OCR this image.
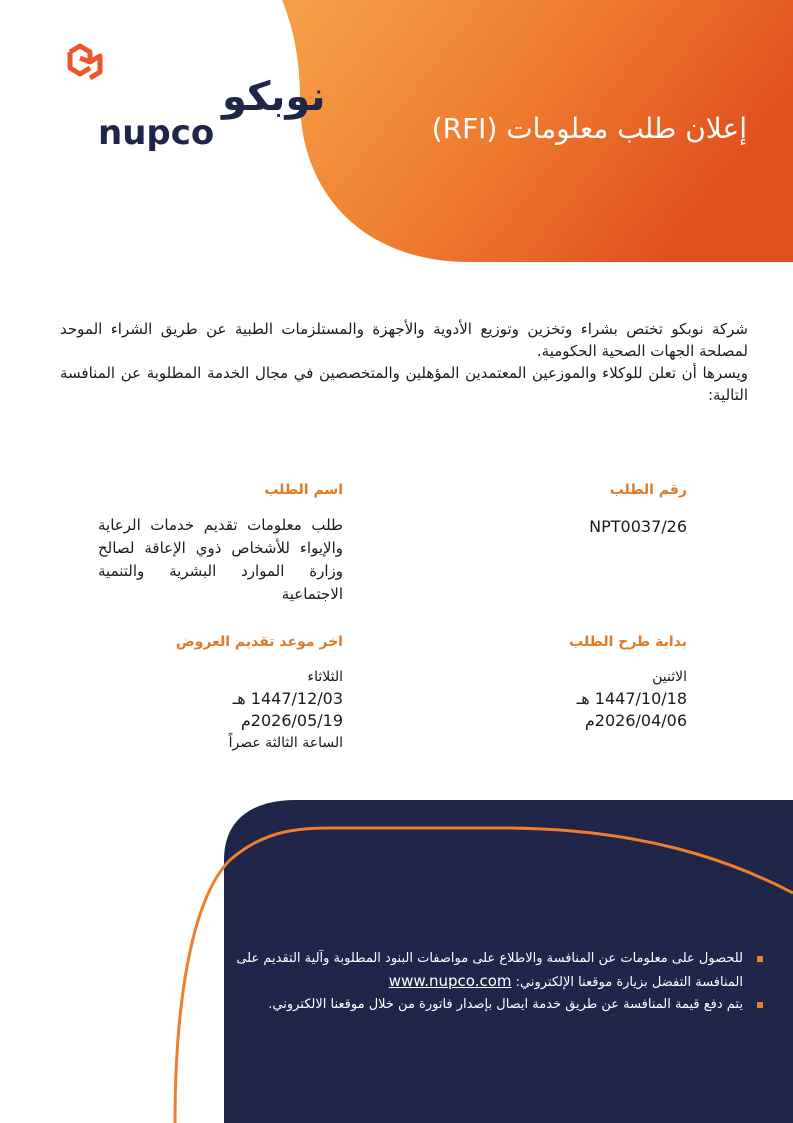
نوبكو
nupco	إعلان طلب معلومات (RFI)

شركة نوبكو تختص بشراء وتخزين وتوزيع الأدوية والأجهزة والمستلزمات الطبية عن طريق الشراء الموحد لمصلحة الجهات الصحية الحكومية.

ويسرها أن تعلن للوكلاء والموزعين المعتمدين المؤهلين والمتخصصين في مجال الخدمة المطلوبة عن المنافسة التالية:

رقم الطلب
NPT0037/26
اسم الطلب
طلب معلومات تقديم خدمات الرعاية والإيواء للأشخاص ذوي الإعاقة لصالح وزارة الموارد البشرية والتنمية الاجتماعية
بداية طرح الطلب
الاثنين
1447/10/18 هـ
2026/04/06م
اخر موعد تقديم العروض
الثلاثاء
1447/12/03 هـ
2026/05/19م
الساعة الثالثة عصراً
للحصول على معلومات عن المنافسة والاطلاع على مواصفات البنود المطلوبة وآلية التقديم على المنافسة التفضل بزيارة موقعنا الإلكتروني: www.nupco.com
يتم دفع قيمة المنافسة عن طريق خدمة ايصال بإصدار فاتورة من خلال موقعنا الالكتروني.
